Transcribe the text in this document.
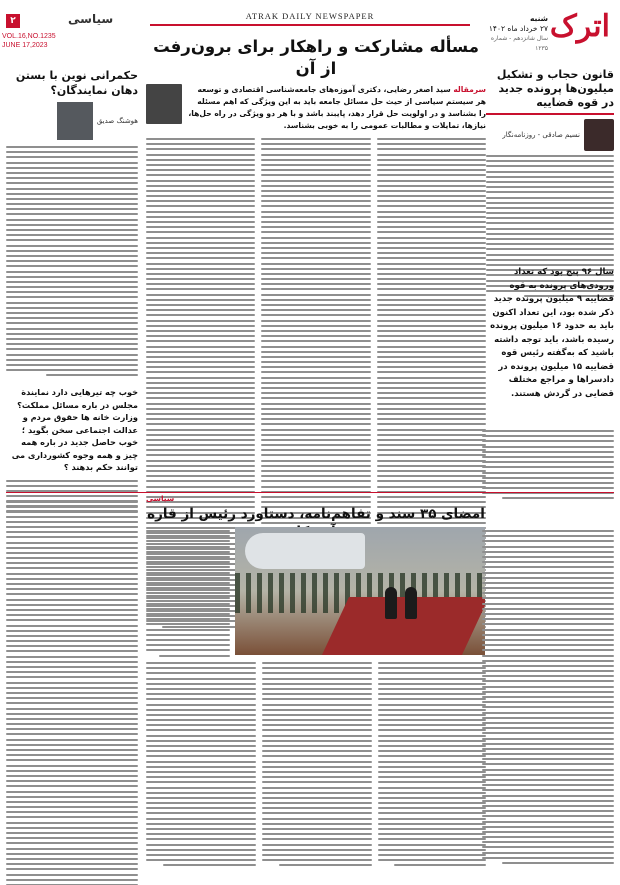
۲	سیاسی
VOL.16,NO.1235
JUNE 17,2023
ATRAK DAILY NEWSPAPER	اترک
شنبه
۲۷ خرداد ماه ۱۴۰۲
سال شانزدهم - شماره ۱۲۳۵
قانون حجاب و تشکیل میلیون‌ها پرونده جدید در قوه قضاییه
نسیم صادقی - روزنامه‌نگار
سال ۹۶ پنج بود که تعداد ورودی‌های پرونده به قوه قضاییه ۹ میلیون پرونده جدید ذکر شده بود، این تعداد اکنون باید به حدود ۱۶ میلیون پرونده رسیده باشد، باید توجه داشته باشید که به‌گفته رئیس قوه قضاییه ۱۵ میلیون پرونده در دادسراها و مراجع مختلف قضایی در گردش هستند.
مسأله مشارکت و راهکار برای برون‌رفت از آن
سرمقاله سید اصغر رضایی، دکتری آموزه‌های جامعه‌شناسی اقتصادی و توسعه
هر سیستم سیاسی از حیث حل مسائل جامعه باید به این ویژگی که اهم مسئله را بشناسد و در اولویت حل قرار دهد، پایبند باشد و با هر دو ویژگی در راه حل‌ها، نیاز‌ها، تمایلات و مطالبات عمومی را به خوبی بشناسد.
حکمرانی نوین با بستن دهان نمایندگان؟
هوشنگ صدیق
خوب چه تیرهایی دارد نمایندة مجلس در باره مسائل مملکت؟ وزارت خانه ها حقوق مردم و عدالت اجتماعی سخن بگوید ؛ خوب حاصل جدید در باره همه چیز و همه وجوه کشورداری می توانند حکم بدهند ؟
سیاسی
امضای ۳۵ سند و تفاهم‌نامه، دستاورد رئیس از قاره
